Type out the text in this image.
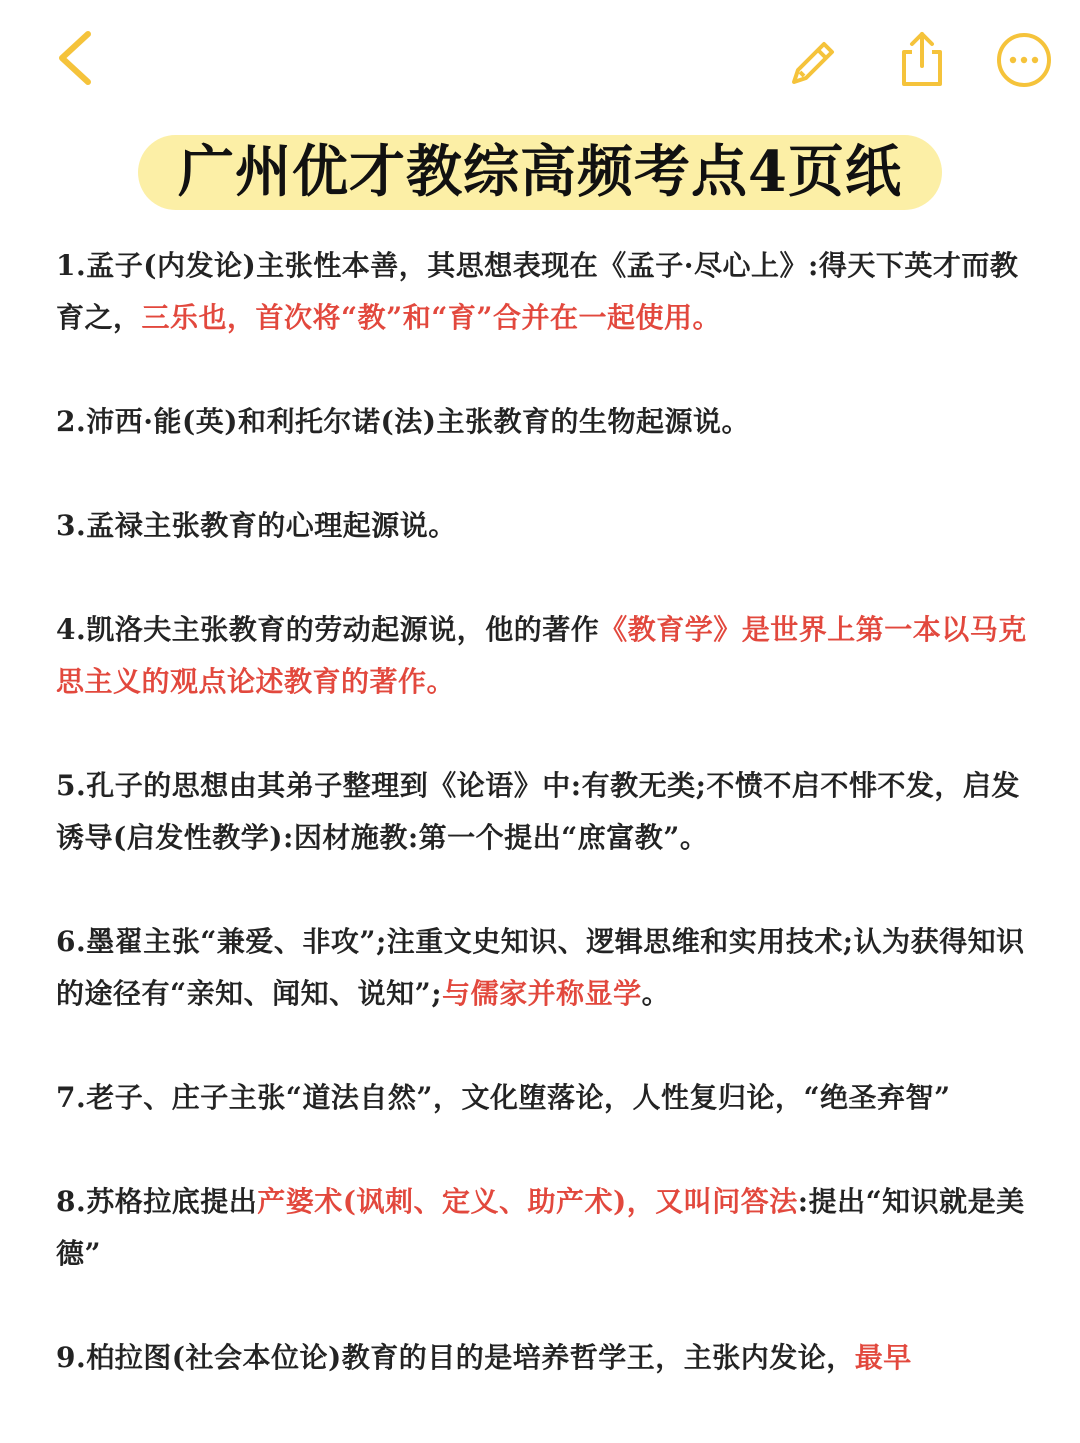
广州优才教综高频考点4页纸

1.孟子(内发论)主张性本善，其思想表现在《孟子·尽心上》:得天下英才而教育之，三乐也，首次将“教”和“育”合并在一起使用。

2.沛西·能(英)和利托尔诺(法)主张教育的生物起源说。

3.孟禄主张教育的心理起源说。

4.凯洛夫主张教育的劳动起源说，他的著作《教育学》是世界上第一本以马克思主义的观点论述教育的著作。

5.孔子的思想由其弟子整理到《论语》中:有教无类;不愤不启不悱不发，启发诱导(启发性教学):因材施教:第一个提出“庶富教”。

6.墨翟主张“兼爱、非攻”;注重文史知识、逻辑思维和实用技术;认为获得知识的途径有“亲知、闻知、说知”;与儒家并称显学。

7.老子、庄子主张“道法自然”，文化堕落论，人性复归论，“绝圣弃智”

8.苏格拉底提出产婆术(讽刺、定义、助产术)，又叫问答法:提出“知识就是美德”

9.柏拉图(社会本位论)教育的目的是培养哲学王，主张内发论，最早
